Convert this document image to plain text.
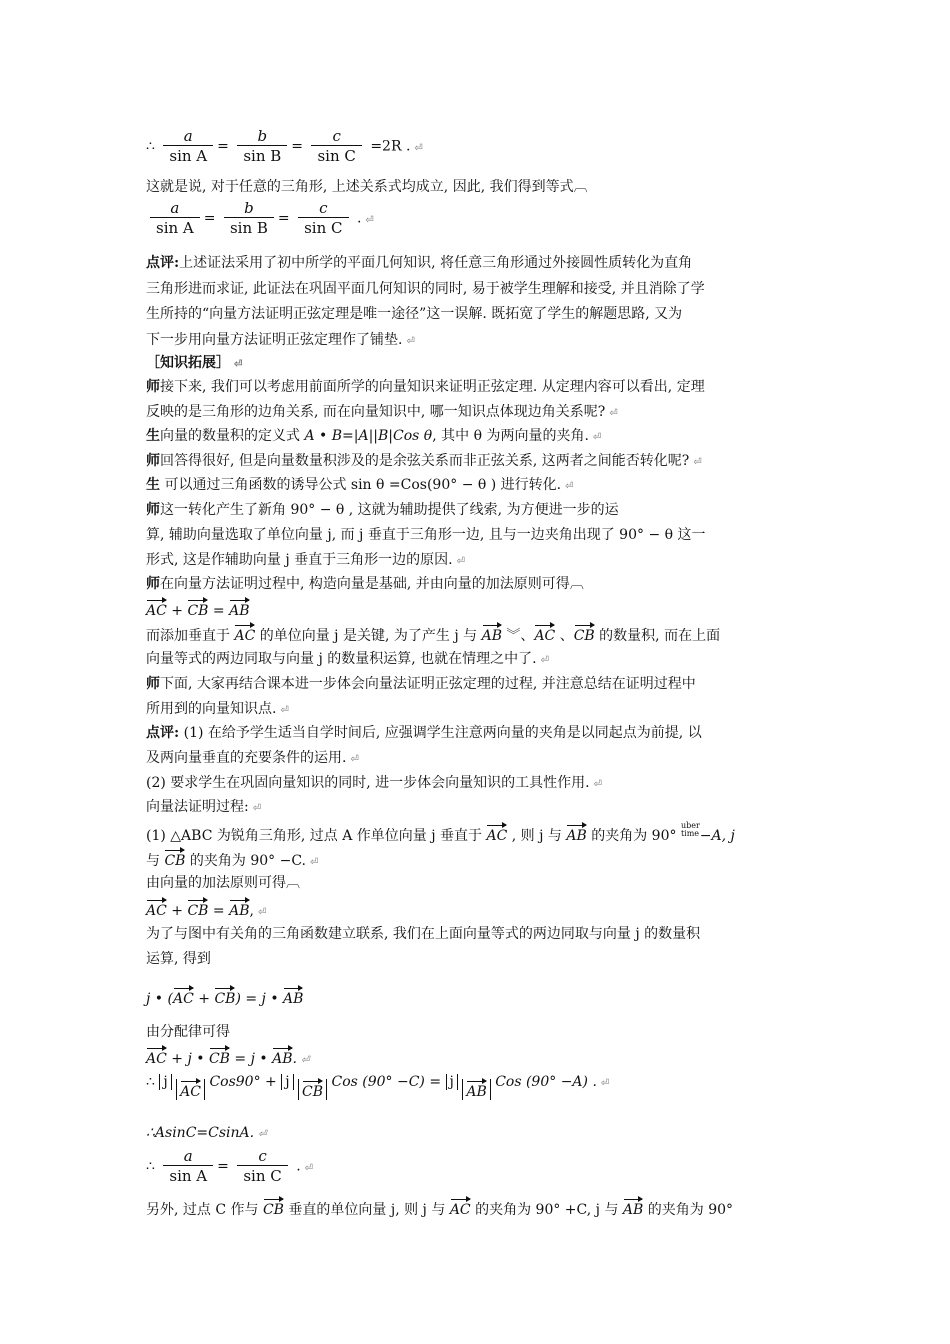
∴ $\frac{a}{\text{sin A}} = \frac{b}{\text{sin B}} = \frac{c}{\text{sin C}} =2R$ . ⏎
这就是说, 对于任意的三角形, 上述关系式均成立, 因此, 我们得到等式︹
$\frac{a}{\text{sin A}} = \frac{b}{\text{sin B}} = \frac{c}{\text{sin C}}$ . ⏎
点评:上述证法采用了初中所学的平面几何知识, 将任意三角形通过外接圆性质转化为直角
三角形进而求证, 此证法在巩固平面几何知识的同时, 易于被学生理解和接受, 并且消除了学
生所持的“向量方法证明正弦定理是唯一途径”这一误解. 既拓宽了学生的解题思路, 又为
下一步用向量方法证明正弦定理作了铺垫. ⏎
［知识拓展］ ⏎
师接下来, 我们可以考虑用前面所学的向量知识来证明正弦定理. 从定理内容可以看出, 定理
反映的是三角形的边角关系, 而在向量知识中, 哪一知识点体现边角关系呢? ⏎
生向量的数量积的定义式 A • B=|A||B|Cos θ, 其中 θ 为两向量的夹角. ⏎
师回答得很好, 但是向量数量积涉及的是余弦关系而非正弦关系, 这两者之间能否转化呢? ⏎
生 可以通过三角函数的诱导公式 sin θ =Cos(90° − θ ) 进行转化. ⏎
师这一转化产生了新角 90° − θ , 这就为辅助提供了线索, 为方便进一步的运
算, 辅助向量选取了单位向量 j, 而 j 垂直于三角形一边, 且与一边夹角出现了 90° − θ 这一
形式, 这是作辅助向量 j 垂直于三角形一边的原因. ⏎
师在向量方法证明过程中, 构造向量是基础, 并由向量的加法原则可得︹
AC + CB = AB
而添加垂直于 AC 的单位向量 j 是关键, 为了产生 j 与 AB ︾、AC 、CB 的数量积, 而在上面
向量等式的两边同取与向量 j 的数量积运算, 也就在情理之中了. ⏎
师下面, 大家再结合课本进一步体会向量法证明正弦定理的过程, 并注意总结在证明过程中
所用到的向量知识点. ⏎
点评: (1) 在给予学生适当自学时间后, 应强调学生注意两向量的夹角是以同起点为前提, 以
及两向量垂直的充要条件的运用. ⏎
(2) 要求学生在巩固向量知识的同时, 进一步体会向量知识的工具性作用. ⏎
向量法证明过程: ⏎
(1) △ABC 为锐角三角形, 过点 A 作单位向量 j 垂直于 AC , 则 j 与 AB 的夹角为 90°
uber
time −A, j
与 CB 的夹角为 90° −C. ⏎
由向量的加法原则可得︹
AC + CB = AB, ⏎
为了与图中有关角的三角函数建立联系, 我们在上面向量等式的两边同取与向量 j 的数量积
运算, 得到
j • (AC + CB) = j • AB
由分配律可得
AC + j • CB = j • AB. ⏎
∴ j AC Cos90° + j CB Cos (90° −C) = j AB Cos (90° −A) . ⏎
∴AsinC=CsinA. ⏎
∴ $\frac{a}{\text{sin A}} = \frac{c}{\text{sin C}}$ . ⏎
另外, 过点 C 作与 CB 垂直的单位向量 j, 则 j 与 AC 的夹角为 90° +C, j 与 AB 的夹角为 90°
